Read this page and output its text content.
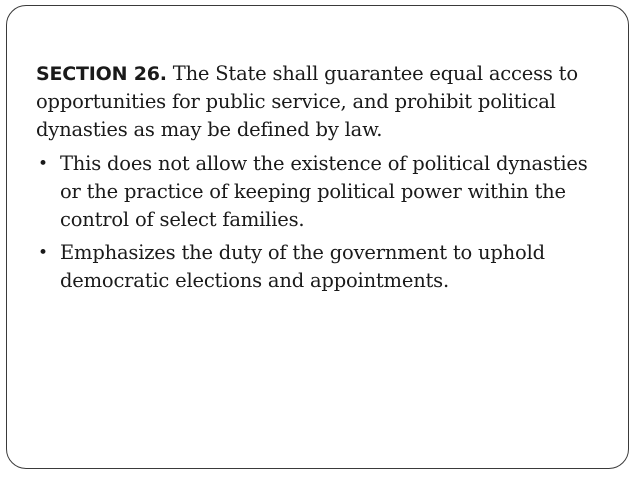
SECTION 26. The State shall guarantee equal access to opportunities for public service, and prohibit political dynasties as may be defined by law.

• This does not allow the existence of political dynasties or the practice of keeping political power within the control of select families.
• Emphasizes the duty of the government to uphold democratic elections and appointments.
